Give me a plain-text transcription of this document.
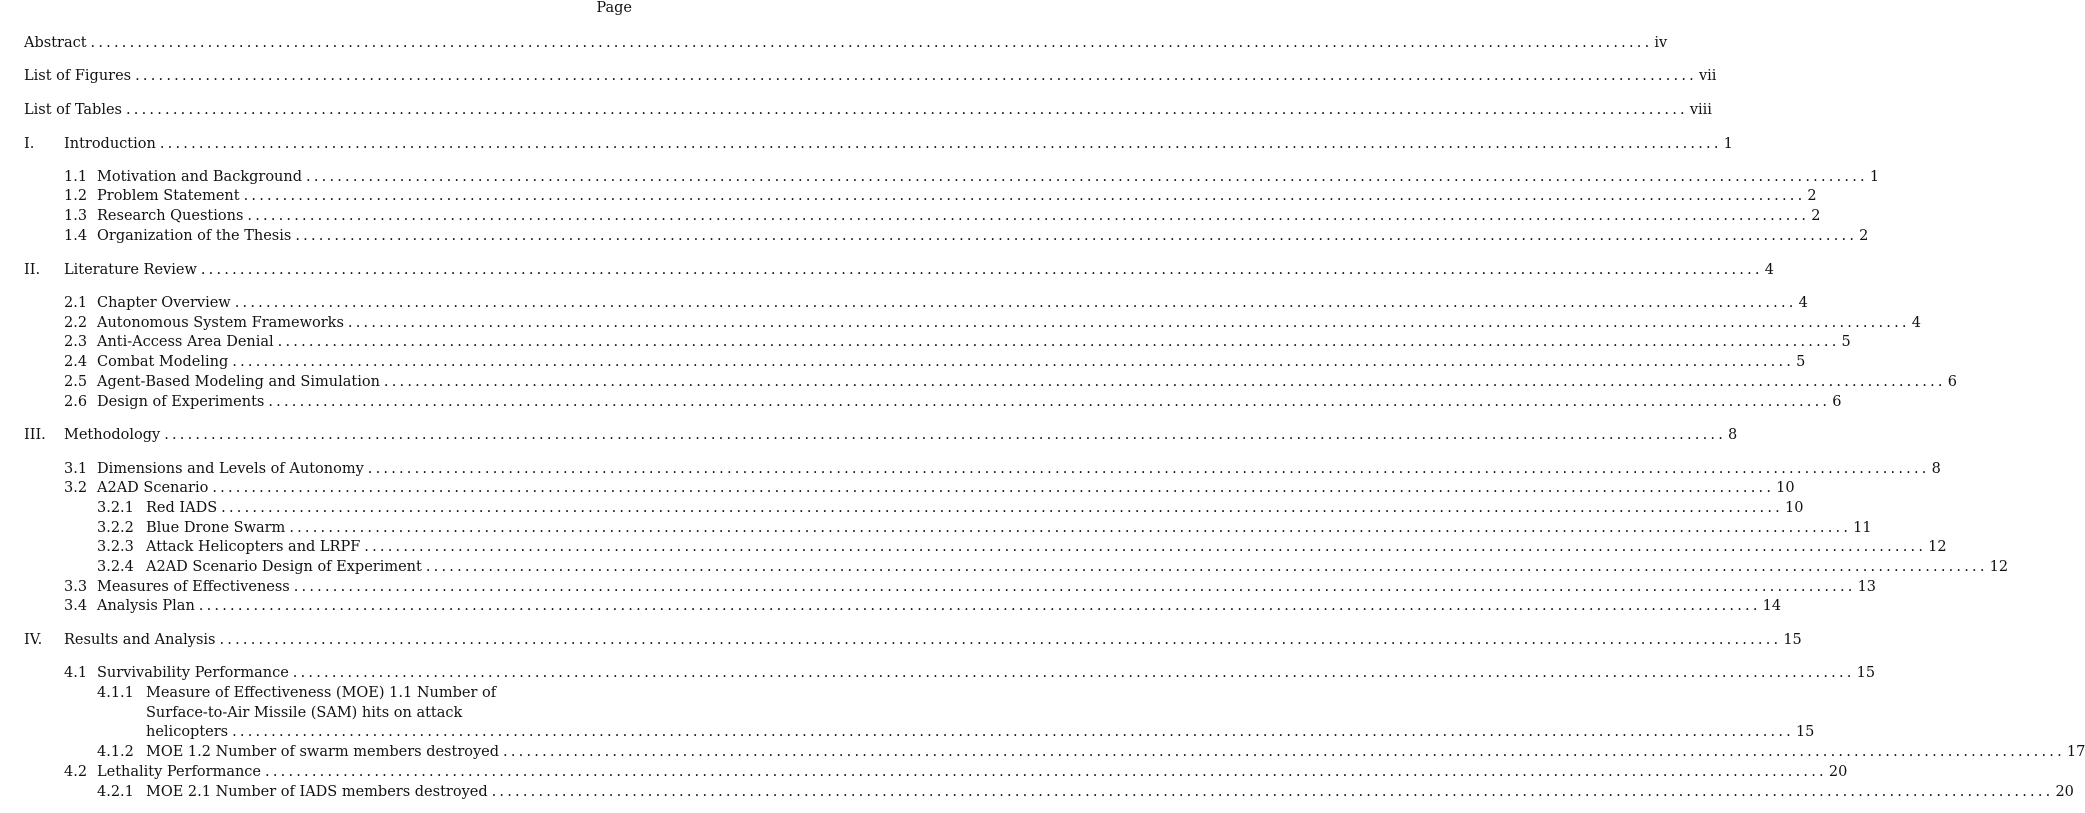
Page
Abstract ........................................................................................................................................................................................................ iv
List of Figures ........................................................................................................................................................................................................ vii
List of Tables ........................................................................................................................................................................................................ viii
I. Introduction ........................................................................................................................................................................................................ 1
1.1 Motivation and Background ........................................................................................................................................................................................................ 1
1.2 Problem Statement ........................................................................................................................................................................................................ 2
1.3 Research Questions ........................................................................................................................................................................................................ 2
1.4 Organization of the Thesis ........................................................................................................................................................................................................ 2
II. Literature Review ........................................................................................................................................................................................................ 4
2.1 Chapter Overview ........................................................................................................................................................................................................ 4
2.2 Autonomous System Frameworks ........................................................................................................................................................................................................ 4
2.3 Anti-Access Area Denial ........................................................................................................................................................................................................ 5
2.4 Combat Modeling ........................................................................................................................................................................................................ 5
2.5 Agent-Based Modeling and Simulation ........................................................................................................................................................................................................ 6
2.6 Design of Experiments ........................................................................................................................................................................................................ 6
III. Methodology ........................................................................................................................................................................................................ 8
3.1 Dimensions and Levels of Autonomy ........................................................................................................................................................................................................ 8
3.2 A2AD Scenario ........................................................................................................................................................................................................ 10
3.2.1 Red IADS ........................................................................................................................................................................................................ 10
3.2.2 Blue Drone Swarm ........................................................................................................................................................................................................ 11
3.2.3 Attack Helicopters and LRPF ........................................................................................................................................................................................................ 12
3.2.4 A2AD Scenario Design of Experiment ........................................................................................................................................................................................................ 12
3.3 Measures of Effectiveness ........................................................................................................................................................................................................ 13
3.4 Analysis Plan ........................................................................................................................................................................................................ 14
IV. Results and Analysis ........................................................................................................................................................................................................ 15
4.1 Survivability Performance ........................................................................................................................................................................................................ 15
4.1.1 Measure of Effectiveness (MOE) 1.1 Number of
Surface-to-Air Missile (SAM) hits on attack
helicopters ........................................................................................................................................................................................................ 15
4.1.2 MOE 1.2 Number of swarm members destroyed ........................................................................................................................................................................................................ 17
4.2 Lethality Performance ........................................................................................................................................................................................................ 20
4.2.1 MOE 2.1 Number of IADS members destroyed ........................................................................................................................................................................................................ 20
